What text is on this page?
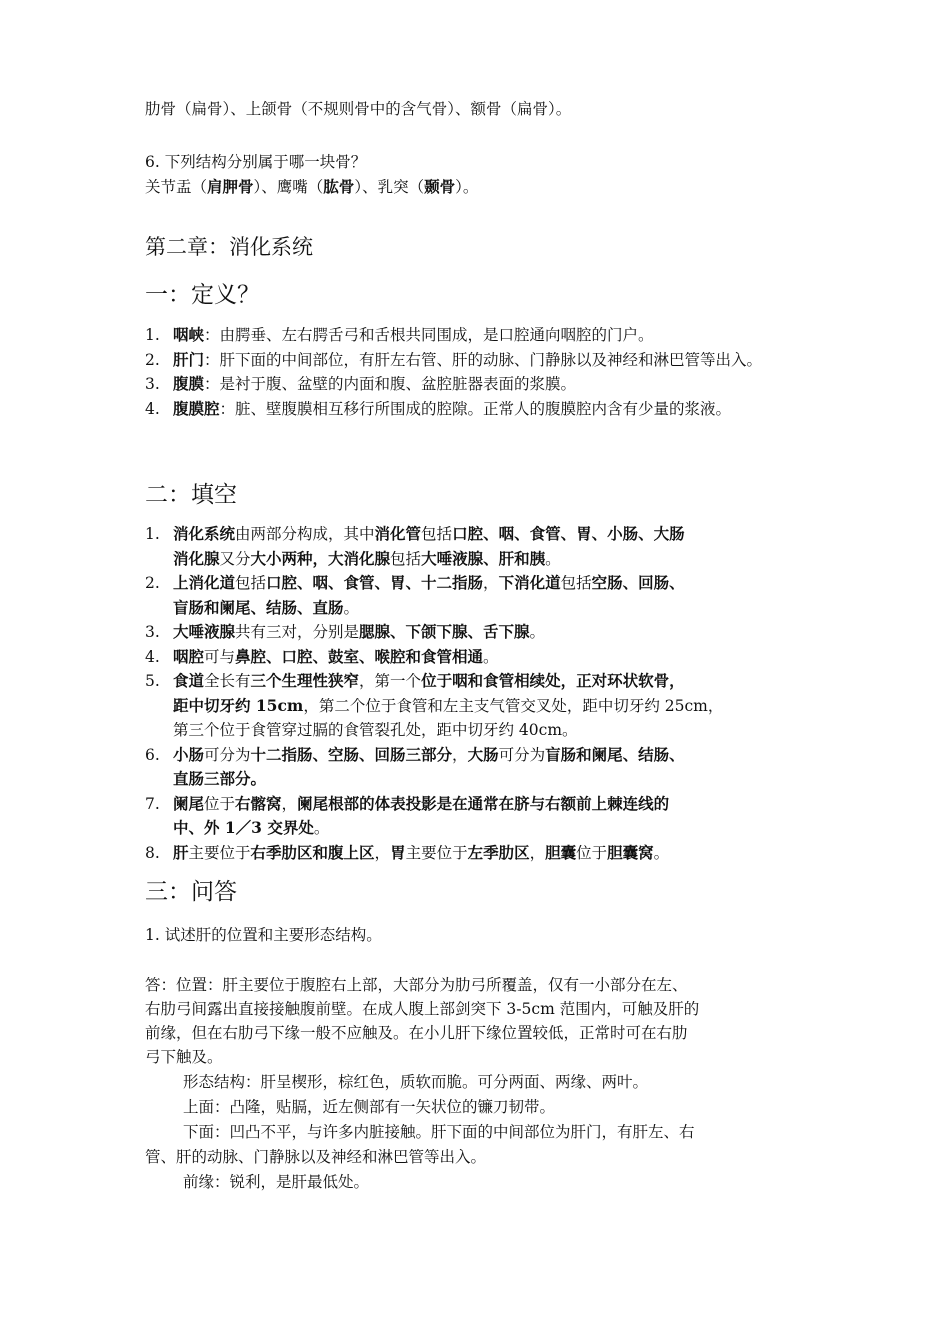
肋骨（扁骨）、上颌骨（不规则骨中的含气骨）、额骨（扁骨）。
6. 下列结构分别属于哪一块骨？
关节盂（肩胛骨）、鹰嘴（肱骨）、乳突（颞骨）。
第二章：消化系统
一：定义？
1. 咽峡：由腭垂、左右腭舌弓和舌根共同围成，是口腔通向咽腔的门户。
2. 肝门：肝下面的中间部位，有肝左右管、肝的动脉、门静脉以及神经和淋巴管等出入。
3. 腹膜：是衬于腹、盆壁的内面和腹、盆腔脏器表面的浆膜。
4. 腹膜腔：脏、壁腹膜相互移行所围成的腔隙。正常人的腹膜腔内含有少量的浆液。
二：填空
1. 消化系统由两部分构成，其中消化管包括口腔、咽、食管、胃、小肠、大肠
消化腺又分大小两种，大消化腺包括大唾液腺、肝和胰。
2. 上消化道包括口腔、咽、食管、胃、十二指肠，下消化道包括空肠、回肠、
盲肠和阑尾、结肠、直肠。
3. 大唾液腺共有三对，分别是腮腺、下颌下腺、舌下腺。
4. 咽腔可与鼻腔、口腔、鼓室、喉腔和食管相通。
5. 食道全长有三个生理性狭窄，第一个位于咽和食管相续处，正对环状软骨，
距中切牙约 15cm，第二个位于食管和左主支气管交叉处，距中切牙约 25cm，
第三个位于食管穿过膈的食管裂孔处，距中切牙约 40cm。
6. 小肠可分为十二指肠、空肠、回肠三部分，大肠可分为盲肠和阑尾、结肠、
直肠三部分。
7. 阑尾位于右髂窝，阑尾根部的体表投影是在通常在脐与右额前上棘连线的
中、外 1／3 交界处。
8. 肝主要位于右季肋区和腹上区，胃主要位于左季肋区，胆囊位于胆囊窝。
三：问答
1. 试述肝的位置和主要形态结构。
答：位置：肝主要位于腹腔右上部，大部分为肋弓所覆盖，仅有一小部分在左、
右肋弓间露出直接接触腹前壁。在成人腹上部剑突下 3-5cm 范围内，可触及肝的
前缘，但在右肋弓下缘一般不应触及。在小儿肝下缘位置较低，正常时可在右肋
弓下触及。
形态结构：肝呈楔形，棕红色，质软而脆。可分两面、两缘、两叶。
上面：凸隆，贴膈，近左侧部有一矢状位的镰刀韧带。
下面：凹凸不平，与许多内脏接触。肝下面的中间部位为肝门，有肝左、右
管、肝的动脉、门静脉以及神经和淋巴管等出入。
前缘：锐利，是肝最低处。
